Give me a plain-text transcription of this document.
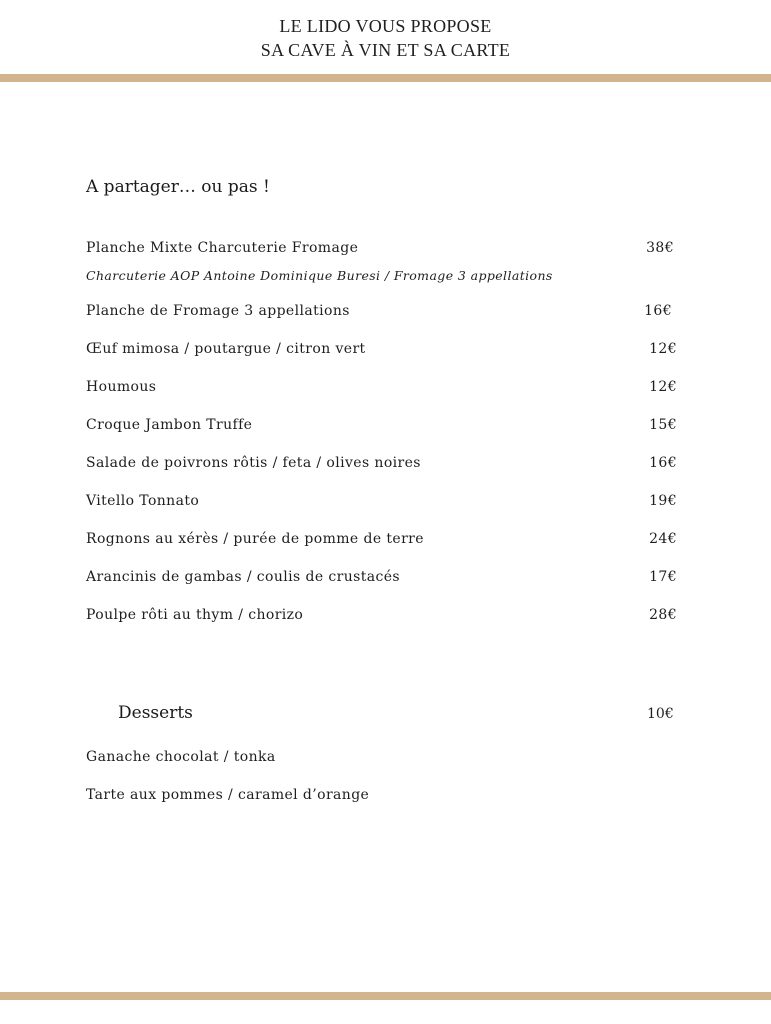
LE LIDO VOUS PROPOSE
SA CAVE À VIN ET SA CARTE
A partager… ou pas !
Planche Mixte Charcuterie Fromage	38€
Charcuterie AOP Antoine Dominique Buresi / Fromage 3 appellations
Planche de Fromage 3 appellations	16€
Œuf mimosa / poutargue / citron vert	12€
Houmous	12€
Croque Jambon Truffe	15€
Salade de poivrons rôtis / feta / olives noires	16€
Vitello Tonnato	19€
Rognons au xérès / purée de pomme de terre	24€
Arancinis de gambas / coulis de crustacés	17€
Poulpe rôti au thym / chorizo	28€
Desserts	10€
Ganache chocolat / tonka
Tarte aux pommes / caramel d’orange
